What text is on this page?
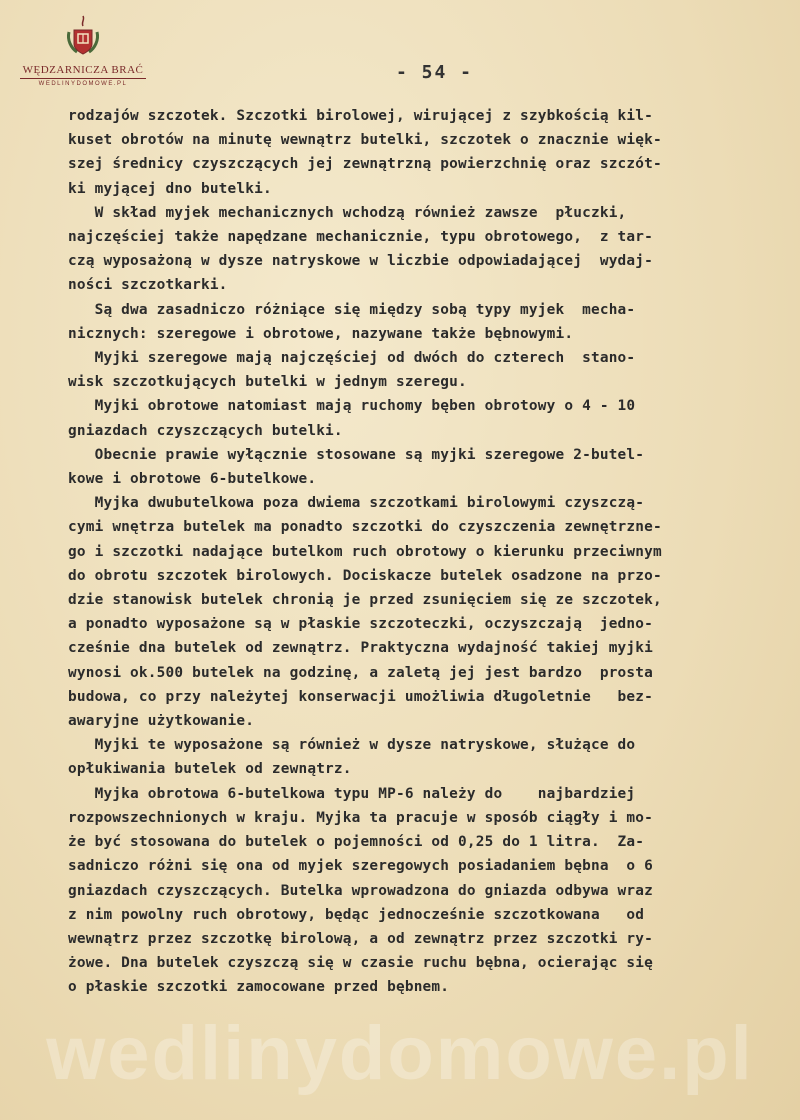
WĘDZARNICZA BRAĆ
WEDLINYDOMOWE.PL
- 54 -
rodzajów szczotek. Szczotki birolowej, wirującej z szybkością kil-
kuset obrotów na minutę wewnątrz butelki, szczotek o znacznie więk-
szej średnicy czyszczących jej zewnątrzną powierzchnię oraz szczót-
ki myjącej dno butelki.
W skład myjek mechanicznych wchodzą również zawsze  płuczki,
najczęściej także napędzane mechanicznie, typu obrotowego,  z tar-
czą wyposażoną w dysze natryskowe w liczbie odpowiadającej  wydaj-
ności szczotkarki.
Są dwa zasadniczo różniące się między sobą typy myjek  mecha-
nicznych: szeregowe i obrotowe, nazywane także bębnowymi.
Myjki szeregowe mają najczęściej od dwóch do czterech  stano-
wisk szczotkujących butelki w jednym szeregu.
Myjki obrotowe natomiast mają ruchomy bęben obrotowy o 4 - 10
gniazdach czyszczących butelki.
Obecnie prawie wyłącznie stosowane są myjki szeregowe 2-butel-
kowe i obrotowe 6-butelkowe.
Myjka dwubutelkowa poza dwiema szczotkami birolowymi czyszczą-
cymi wnętrza butelek ma ponadto szczotki do czyszczenia zewnętrzne-
go i szczotki nadające butelkom ruch obrotowy o kierunku przeciwnym
do obrotu szczotek birolowych. Dociskacze butelek osadzone na przo-
dzie stanowisk butelek chronią je przed zsunięciem się ze szczotek,
a ponadto wyposażone są w płaskie szczoteczki, oczyszczają  jedno-
cześnie dna butelek od zewnątrz. Praktyczna wydajność takiej myjki
wynosi ok.500 butelek na godzinę, a zaletą jej jest bardzo  prosta
budowa, co przy należytej konserwacji umożliwia długoletnie   bez-
awaryjne użytkowanie.
Myjki te wyposażone są również w dysze natryskowe, służące do
opłukiwania butelek od zewnątrz.
Myjka obrotowa 6-butelkowa typu MP-6 należy do    najbardziej
rozpowszechnionych w kraju. Myjka ta pracuje w sposób ciągły i mo-
że być stosowana do butelek o pojemności od 0,25 do 1 litra.  Za-
sadniczo różni się ona od myjek szeregowych posiadaniem bębna  o 6
gniazdach czyszczących. Butelka wprowadzona do gniazda odbywa wraz
z nim powolny ruch obrotowy, będąc jednocześnie szczotkowana   od
wewnątrz przez szczotkę birolową, a od zewnątrz przez szczotki ry-
żowe. Dna butelek czyszczą się w czasie ruchu bębna, ocierając się
o płaskie szczotki zamocowane przed bębnem.
wedlinydomowe.pl
